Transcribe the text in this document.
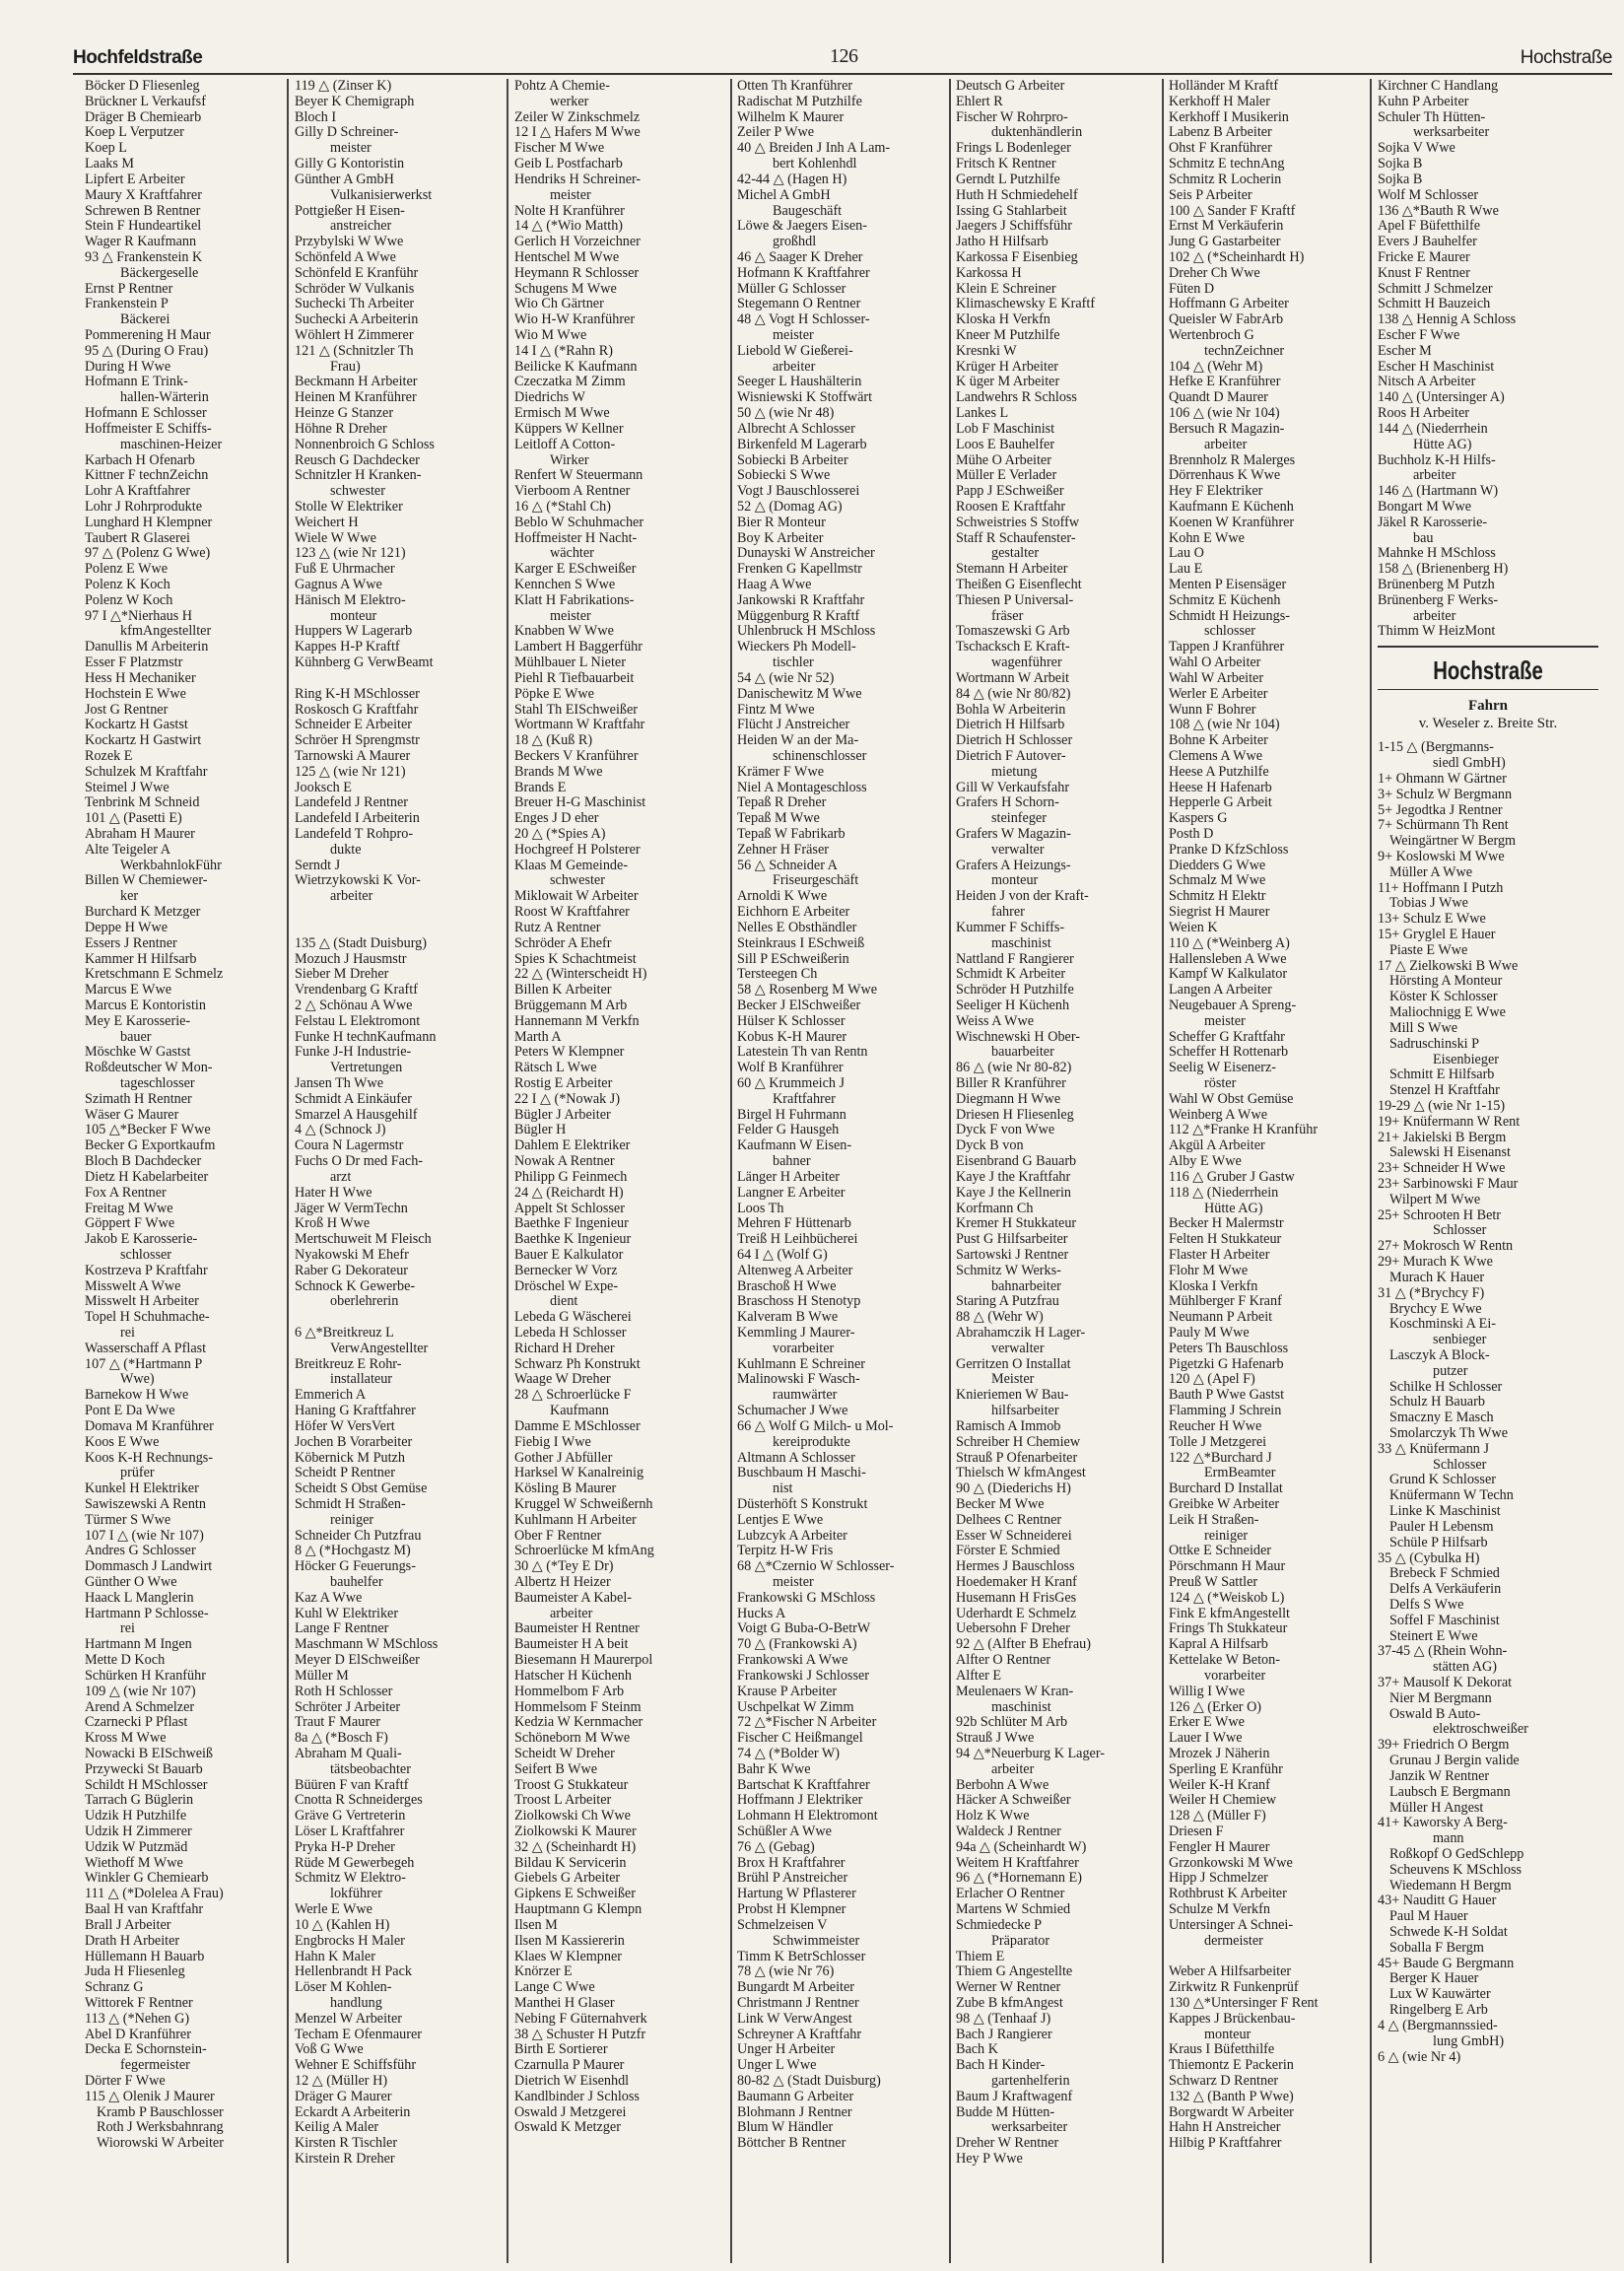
Hochfeldstraße	126	Hochstraße
Böcker D Fliesenleg
Brückner L Verkaufsf
Dräger B Chemiearb
Koep L Verputzer
Koep L
Laaks M
Lipfert E Arbeiter
Maury X Kraftfahrer
Schrewen B Rentner
Stein F Hundeartikel
Wager R Kaufmann
93 △ Frankenstein K
Bäckergeselle
Ernst P Rentner
Frankenstein P
Bäckerei
Pommerening H Maur
95 △ (During O Frau)
During H Wwe
Hofmann E Trink-
hallen-Wärterin
Hofmann E Schlosser
Hoffmeister E Schiffs-
maschinen-Heizer
Karbach H Ofenarb
Kittner F technZeichn
Lohr A Kraftfahrer
Lohr J Rohrprodukte
Lunghard H Klempner
Taubert R Glaserei
97 △ (Polenz G Wwe)
Polenz E Wwe
Polenz K Koch
Polenz W Koch
97 I △*Nierhaus H
kfmAngestellter
Danullis M Arbeiterin
Esser F Platzmstr
Hess H Mechaniker
Hochstein E Wwe
Jost G Rentner
Kockartz H Gastst
Kockartz H Gastwirt
Rozek E
Schulzek M Kraftfahr
Steimel J Wwe
Tenbrink M Schneid
101 △ (Pasetti E)
Abraham H Maurer
Alte Teigeler A
WerkbahnlokFühr
Billen W Chemiewer-
ker
Burchard K Metzger
Deppe H Wwe
Essers J Rentner
Kammer H Hilfsarb
Kretschmann E Schmelz
Marcus E Wwe
Marcus E Kontoristin
Mey E Karosserie-
bauer
Möschke W Gastst
Roßdeutscher W Mon-
tageschlosser
Szimath H Rentner
Wäser G Maurer
105 △*Becker F Wwe
Becker G Exportkaufm
Bloch B Dachdecker
Dietz H Kabelarbeiter
Fox A Rentner
Freitag M Wwe
Göppert F Wwe
Jakob E Karosserie-
schlosser
Kostrzeva P Kraftfahr
Misswelt A Wwe
Misswelt H Arbeiter
Topel H Schuhmache-
rei
Wasserschaff A Pflast
107 △ (*Hartmann P
Wwe)
Barnekow H Wwe
Pont E Da Wwe
Domava M Kranführer
Koos E Wwe
Koos K-H Rechnungs-
prüfer
Kunkel H Elektriker
Sawiszewski A Rentn
Türmer S Wwe
107 I △ (wie Nr 107)
Andres G Schlosser
Dommasch J Landwirt
Günther O Wwe
Haack L Manglerin
Hartmann P Schlosse-
rei
Hartmann M Ingen
Mette D Koch
Schürken H Kranführ
109 △ (wie Nr 107)
Arend A Schmelzer
Czarnecki P Pflast
Kross M Wwe
Nowacki B EISchweiß
Przywecki St Bauarb
Schildt H MSchlosser
Tarrach G Büglerin
Udzik H Putzhilfe
Udzik H Zimmerer
Udzik W Putzmäd
Wiethoff M Wwe
Winkler G Chemiearb
111 △ (*Dolelea A Frau)
Baal H van Kraftfahr
Brall J Arbeiter
Drath H Arbeiter
Hüllemann H Bauarb
Juda H Fliesenleg
Schranz G
Wittorek F Rentner
113 △ (*Nehen G)
Abel D Kranführer
Decka E Schornstein-
fegermeister
Dörter F Wwe
115 △ Olenik J Maurer
Kramb P Bauschlosser
Roth J Werksbahnrang
Wiorowski W Arbeiter
119 △ (Zinser K)
Beyer K Chemigraph
Bloch I
Gilly D Schreiner-
meister
Gilly G Kontoristin
Günther A GmbH
Vulkanisierwerkst
Pottgießer H Eisen-
anstreicher
Przybylski W Wwe
Schönfeld A Wwe
Schönfeld E Kranführ
Schröder W Vulkanis
Suchecki Th Arbeiter
Suchecki A Arbeiterin
Wöhlert H Zimmerer
121 △ (Schnitzler Th
Frau)
Beckmann H Arbeiter
Heinen M Kranführer
Heinze G Stanzer
Höhne R Dreher
Nonnenbroich G Schloss
Reusch G Dachdecker
Schnitzler H Kranken-
schwester
Stolle W Elektriker
Weichert H
Wiele W Wwe
123 △ (wie Nr 121)
Fuß E Uhrmacher
Gagnus A Wwe
Hänisch M Elektro-
monteur
Huppers W Lagerarb
Kappes H-P Kraftf
Kühnberg G VerwBeamt

Ring K-H MSchlosser
Roskosch G Kraftfahr
Schneider E Arbeiter
Schröer H Sprengmstr
Tarnowski A Maurer
125 △ (wie Nr 121)
Jooksch E
Landefeld J Rentner
Landefeld I Arbeiterin
Landefeld T Rohpro-
dukte
Serndt J
Wietrzykowski K Vor-
arbeiter

135 △ (Stadt Duisburg)
Mozuch J Hausmstr
Sieber M Dreher
Vrendenbarg G Kraftf
2 △ Schönau A Wwe
Felstau L Elektromont
Funke H technKaufmann
Funke J-H Industrie-
Vertretungen
Jansen Th Wwe
Schmidt A Einkäufer
Smarzel A Hausgehilf
4 △ (Schnock J)
Coura N Lagermstr
Fuchs O Dr med Fach-
arzt
Hater H Wwe
Jäger W VermTechn
Kroß H Wwe
Mertschuweit M Fleisch
Nyakowski M Ehefr
Raber G Dekorateur
Schnock K Gewerbe-
oberlehrerin

6 △*Breitkreuz L
VerwAngestellter
Breitkreuz E Rohr-
installateur
Emmerich A
Haning G Kraftfahrer
Höfer W VersVert
Jochen B Vorarbeiter
Köbernick M Putzh
Scheidt P Rentner
Scheidt S Obst Gemüse
Schmidt H Straßen-
reiniger
Schneider Ch Putzfrau
8 △ (*Hochgastz M)
Höcker G Feuerungs-
bauhelfer
Kaz A Wwe
Kuhl W Elektriker
Lange F Rentner
Maschmann W MSchloss
Meyer D ElSchweißer
Müller M
Roth H Schlosser
Schröter J Arbeiter
Traut F Maurer
8a △ (*Bosch F)
Abraham M Quali-
tätsbeobachter
Büüren F van Kraftf
Cnotta R Schneiderges
Gräve G Vertreterin
Löser L Kraftfahrer
Pryka H-P Dreher
Rüde M Gewerbegeh
Schmitz W Elektro-
lokführer
Werle E Wwe
10 △ (Kahlen H)
Engbrocks H Maler
Hahn K Maler
Hellenbrandt H Pack
Löser M Kohlen-
handlung
Menzel W Arbeiter
Techam E Ofenmaurer
Voß G Wwe
Wehner E Schiffsführ
12 △ (Müller H)
Dräger G Maurer
Eckardt A Arbeiterin
Keilig A Maler
Kirsten R Tischler
Kirstein R Dreher
Pohtz A Chemie-
werker
Zeiler W Zinkschmelz
12 I △ Hafers M Wwe
Fischer M Wwe
Geib L Postfacharb
Hendriks H Schreiner-
meister
Nolte H Kranführer
14 △ (*Wio Matth)
Gerlich H Vorzeichner
Hentschel M Wwe
Heymann R Schlosser
Schugens M Wwe
Wio Ch Gärtner
Wio H-W Kranführer
Wio M Wwe
14 I △ (*Rahn R)
Beilicke K Kaufmann
Czeczatka M Zimm
Diedrichs W
Ermisch M Wwe
Küppers W Kellner
Leitloff A Cotton-
Wirker
Renfert W Steuermann
Vierboom A Rentner
16 △ (*Stahl Ch)
Beblo W Schuhmacher
Hoffmeister H Nacht-
wächter
Karger E ESchweißer
Kennchen S Wwe
Klatt H Fabrikations-
meister
Knabben W Wwe
Lambert H Baggerführ
Mühlbauer L Nieter
Piehl R Tiefbauarbeit
Pöpke E Wwe
Stahl Th EISchweißer
Wortmann W Kraftfahr
18 △ (Kuß R)
Beckers V Kranführer
Brands M Wwe
Brands E
Breuer H-G Maschinist
Enges J D eher
20 △ (*Spies A)
Hochgreef H Polsterer
Klaas M Gemeinde-
schwester
Miklowait W Arbeiter
Roost W Kraftfahrer
Rutz A Rentner
Schröder A Ehefr
Spies K Schachtmeist
22 △ (Winterscheidt H)
Billen K Arbeiter
Brüggemann M Arb
Hannemann M Verkfn
Marth A
Peters W Klempner
Rätsch L Wwe
Rostig E Arbeiter
22 I △ (*Nowak J)
Bügler J Arbeiter
Bügler H
Dahlem E Elektriker
Nowak A Rentner
Philipp G Feinmech
24 △ (Reichardt H)
Appelt St Schlosser
Baethke F Ingenieur
Baethke K Ingenieur
Bauer E Kalkulator
Bernecker W Vorz
Dröschel W Expe-
dient
Lebeda G Wäscherei
Lebeda H Schlosser
Richard H Dreher
Schwarz Ph Konstrukt
Waage W Dreher
28 △ Schroerlücke F
Kaufmann
Damme E MSchlosser
Fiebig I Wwe
Gother J Abfüller
Harksel W Kanalreinig
Kösling B Maurer
Kruggel W Schweißernh
Kuhlmann H Arbeiter
Ober F Rentner
Schroerlücke M kfmAng
30 △ (*Tey E Dr)
Albertz H Heizer
Baumeister A Kabel-
arbeiter
Baumeister H Rentner
Baumeister H A beit
Biesemann H Maurerpol
Hatscher H Küchenh
Hommelbom F Arb
Hommelsom F Steinm
Kedzia W Kernmacher
Schöneborn M Wwe
Scheidt W Dreher
Seifert B Wwe
Troost G Stukkateur
Troost L Arbeiter
Ziolkowski Ch Wwe
Ziolkowski K Maurer
32 △ (Scheinhardt H)
Bildau K Servicerin
Giebels G Arbeiter
Gipkens E Schweißer
Hauptmann G Klempn
Ilsen M
Ilsen M Kassiererin
Klaes W Klempner
Knörzer E
Lange C Wwe
Manthei H Glaser
Nebing F Güternahverk
38 △ Schuster H Putzfr
Birth E Sortierer
Czarnulla P Maurer
Dietrich W Eisenhdl
Kandlbinder J Schloss
Oswald J Metzgerei
Oswald K Metzger
Otten Th Kranführer
Radischat M Putzhilfe
Wilhelm K Maurer
Zeiler P Wwe
40 △ Breiden J Inh A Lam-
bert Kohlenhdl
42-44 △ (Hagen H)
Michel A GmbH
Baugeschäft
Löwe & Jaegers Eisen-
großhdl
46 △ Saager K Dreher
Hofmann K Kraftfahrer
Müller G Schlosser
Stegemann O Rentner
48 △ Vogt H Schlosser-
meister
Liebold W Gießerei-
arbeiter
Seeger L Haushälterin
Wisniewski K Stoffwärt
50 △ (wie Nr 48)
Albrecht A Schlosser
Birkenfeld M Lagerarb
Sobiecki B Arbeiter
Sobiecki S Wwe
Vogt J Bauschlosserei
52 △ (Domag AG)
Bier R Monteur
Boy K Arbeiter
Dunayski W Anstreicher
Frenken G Kapellmstr
Haag A Wwe
Jankowski R Kraftfahr
Müggenburg R Kraftf
Uhlenbruck H MSchloss
Wieckers Ph Modell-
tischler
54 △ (wie Nr 52)
Danischewitz M Wwe
Fintz M Wwe
Flücht J Anstreicher
Heiden W an der Ma-
schinenschlosser
Krämer F Wwe
Niel A Montageschloss
Tepaß R Dreher
Tepaß M Wwe
Tepaß W Fabrikarb
Zehner H Fräser
56 △ Schneider A
Friseurgeschäft
Arnoldi K Wwe
Eichhorn E Arbeiter
Nelles E Obsthändler
Steinkraus I ESchweiß
Sill P ESchweißerin
Tersteegen Ch
58 △ Rosenberg M Wwe
Becker J ElSchweißer
Hülser K Schlosser
Kobus K-H Maurer
Latestein Th van Rentn
Wolf B Kranführer
60 △ Krummeich J
Kraftfahrer
Birgel H Fuhrmann
Felder G Hausgeh
Kaufmann W Eisen-
bahner
Länger H Arbeiter
Langner E Arbeiter
Loos Th
Mehren F Hüttenarb
Treiß H Leihbücherei
64 I △ (Wolf G)
Altenweg A Arbeiter
Braschoß H Wwe
Braschoss H Stenotyp
Kalveram B Wwe
Kemmling J Maurer-
vorarbeiter
Kuhlmann E Schreiner
Malinowski F Wasch-
raumwärter
Schumacher J Wwe
66 △ Wolf G Milch- u Mol-
kereiprodukte
Altmann A Schlosser
Buschbaum H Maschi-
nist
Düsterhöft S Konstrukt
Lentjes E Wwe
Lubzcyk A Arbeiter
Terpitz H-W Fris
68 △*Czernio W Schlosser-
meister
Frankowski G MSchloss
Hucks A
Voigt G Buba-O-BetrW
70 △ (Frankowski A)
Frankowski A Wwe
Frankowski J Schlosser
Krause P Arbeiter
Uschpelkat W Zimm
72 △*Fischer N Arbeiter
Fischer C Heißmangel
74 △ (*Bolder W)
Bahr K Wwe
Bartschat K Kraftfahrer
Hoffmann J Elektriker
Lohmann H Elektromont
Schüßler A Wwe
76 △ (Gebag)
Brox H Kraftfahrer
Brühl P Anstreicher
Hartung W Pflasterer
Probst H Klempner
Schmelzeisen V
Schwimmeister
Timm K BetrSchlosser
78 △ (wie Nr 76)
Bungardt M Arbeiter
Christmann J Rentner
Link W VerwAngest
Schreyner A Kraftfahr
Unger H Arbeiter
Unger L Wwe
80-82 △ (Stadt Duisburg)
Baumann G Arbeiter
Blohmann J Rentner
Blum W Händler
Böttcher B Rentner
Deutsch G Arbeiter
Ehlert R
Fischer W Rohrpro-
duktenhändlerin
Frings L Bodenleger
Fritsch K Rentner
Gerndt L Putzhilfe
Huth H Schmiedehelf
Issing G Stahlarbeit
Jaegers J Schiffsführ
Jatho H Hilfsarb
Karkossa F Eisenbieg
Karkossa H
Klein E Schreiner
Klimaschewsky E Kraftf
Kloska H Verkfn
Kneer M Putzhilfe
Kresnki W
Krüger H Arbeiter
K üger M Arbeiter
Landwehrs R Schloss
Lankes L
Lob F Maschinist
Loos E Bauhelfer
Mühe O Arbeiter
Müller E Verlader
Papp J ESchweißer
Roosen E Kraftfahr
Schweistries S Stoffw
Staff R Schaufenster-
gestalter
Stemann H Arbeiter
Theißen G Eisenflecht
Thiesen P Universal-
fräser
Tomaszewski G Arb
Tschacksch E Kraft-
wagenführer
Wortmann W Arbeit
84 △ (wie Nr 80/82)
Bohla W Arbeiterin
Dietrich H Hilfsarb
Dietrich H Schlosser
Dietrich F Autover-
mietung
Gill W Verkaufsfahr
Grafers H Schorn-
steinfeger
Grafers W Magazin-
verwalter
Grafers A Heizungs-
monteur
Heiden J von der Kraft-
fahrer
Kummer F Schiffs-
maschinist
Nattland F Rangierer
Schmidt K Arbeiter
Schröder H Putzhilfe
Seeliger H Küchenh
Weiss A Wwe
Wischnewski H Ober-
bauarbeiter
86 △ (wie Nr 80-82)
Biller R Kranführer
Diegmann H Wwe
Driesen H Fliesenleg
Dyck F von Wwe
Dyck B von
Eisenbrand G Bauarb
Kaye J the Kraftfahr
Kaye J the Kellnerin
Korfmann Ch
Kremer H Stukkateur
Pust G Hilfsarbeiter
Sartowski J Rentner
Schmitz W Werks-
bahnarbeiter
Staring A Putzfrau
88 △ (Wehr W)
Abrahamczik H Lager-
verwalter
Gerritzen O Installat
Meister
Knieriemen W Bau-
hilfsarbeiter
Ramisch A Immob
Schreiber H Chemiew
Strauß P Ofenarbeiter
Thielsch W kfmAngest
90 △ (Diederichs H)
Becker M Wwe
Delhees C Rentner
Esser W Schneiderei
Förster E Schmied
Hermes J Bauschloss
Hoedemaker H Kranf
Husemann H FrisGes
Uderhardt E Schmelz
Uebersohn F Dreher
92 △ (Alfter B Ehefrau)
Alfter O Rentner
Alfter E
Meulenaers W Kran-
maschinist
92b Schlüter M Arb
Strauß J Wwe
94 △*Neuerburg K Lager-
arbeiter
Berbohn A Wwe
Häcker A Schweißer
Holz K Wwe
Waldeck J Rentner
94a △ (Scheinhardt W)
Weitem H Kraftfahrer
96 △ (*Hornemann E)
Erlacher O Rentner
Martens W Schmied
Schmiedecke P
Präparator
Thiem E
Thiem G Angestellte
Werner W Rentner
Zube B kfmAngest
98 △ (Tenhaaf J)
Bach J Rangierer
Bach K
Bach H Kinder-
gartenhelferin
Baum J Kraftwagenf
Budde M Hütten-
werksarbeiter
Dreher W Rentner
Hey P Wwe
Holländer M Kraftf
Kerkhoff H Maler
Kerkhoff I Musikerin
Labenz B Arbeiter
Ohst F Kranführer
Schmitz E technAng
Schmitz R Locherin
Seis P Arbeiter
100 △ Sander F Kraftf
Ernst M Verkäuferin
Jung G Gastarbeiter
102 △ (*Scheinhardt H)
Dreher Ch Wwe
Füten D
Hoffmann G Arbeiter
Queisler W FabrArb
Wertenbroch G
technZeichner
104 △ (Wehr M)
Hefke E Kranführer
Quandt D Maurer
106 △ (wie Nr 104)
Bersuch R Magazin-
arbeiter
Brennholz R Malerges
Dörrenhaus K Wwe
Hey F Elektriker
Kaufmann E Küchenh
Koenen W Kranführer
Kohn E Wwe
Lau O
Lau E
Menten P Eisensäger
Schmitz E Küchenh
Schmidt H Heizungs-
schlosser
Tappen J Kranführer
Wahl O Arbeiter
Wahl W Arbeiter
Werler E Arbeiter
Wunn F Bohrer
108 △ (wie Nr 104)
Bohne K Arbeiter
Clemens A Wwe
Heese A Putzhilfe
Heese H Hafenarb
Hepperle G Arbeit
Kaspers G
Posth D
Pranke D KfzSchloss
Diedders G Wwe
Schmalz M Wwe
Schmitz H Elektr
Siegrist H Maurer
Weien K
110 △ (*Weinberg A)
Hallensleben A Wwe
Kampf W Kalkulator
Langen A Arbeiter
Neugebauer A Spreng-
meister
Scheffer G Kraftfahr
Scheffer H Rottenarb
Seelig W Eisenerz-
röster
Wahl W Obst Gemüse
Weinberg A Wwe
112 △*Franke H Kranführ
Akgül A Arbeiter
Alby E Wwe
116 △ Gruber J Gastw
118 △ (Niederrhein
Hütte AG)
Becker H Malermstr
Felten H Stukkateur
Flaster H Arbeiter
Flohr M Wwe
Kloska I Verkfn
Mühlberger F Kranf
Neumann P Arbeit
Pauly M Wwe
Peters Th Bauschloss
Pigetzki G Hafenarb
120 △ (Apel F)
Bauth P Wwe Gastst
Flamming J Schrein
Reucher H Wwe
Tolle J Metzgerei
122 △*Burchard J
ErmBeamter
Burchard D Installat
Greibke W Arbeiter
Leik H Straßen-
reiniger
Ottke E Schneider
Pörschmann H Maur
Preuß W Sattler
124 △ (*Weiskob L)
Fink E kfmAngestellt
Frings Th Stukkateur
Kapral A Hilfsarb
Kettelake W Beton-
vorarbeiter
Willig I Wwe
126 △ (Erker O)
Erker E Wwe
Lauer I Wwe
Mrozek J Näherin
Sperling E Kranführ
Weiler K-H Kranf
Weiler H Chemiew
128 △ (Müller F)
Driesen F
Fengler H Maurer
Grzonkowski M Wwe
Hipp J Schmelzer
Rothbrust K Arbeiter
Schulze M Verkfn
Untersinger A Schnei-
dermeister

Weber A Hilfsarbeiter
Zirkwitz R Funkenprüf
130 △*Untersinger F Rent
Kappes J Brückenbau-
monteur
Kraus I Büfetthilfe
Thiemontz E Packerin
Schwarz D Rentner
132 △ (Banth P Wwe)
Borgwardt W Arbeiter
Hahn H Anstreicher
Hilbig P Kraftfahrer
Kirchner C Handlang
Kuhn P Arbeiter
Schuler Th Hütten-
werksarbeiter
Sojka V Wwe
Sojka B
Sojka B
Wolf M Schlosser
136 △*Bauth R Wwe
Apel F Büfetthilfe
Evers J Bauhelfer
Fricke E Maurer
Knust F Rentner
Schmitt J Schmelzer
Schmitt H Bauzeich
138 △ Hennig A Schloss
Escher F Wwe
Escher M
Escher H Maschinist
Nitsch A Arbeiter
140 △ (Untersinger A)
Roos H Arbeiter
144 △ (Niederrhein
Hütte AG)
Buchholz K-H Hilfs-
arbeiter
146 △ (Hartmann W)
Bongart M Wwe
Jäkel R Karosserie-
bau
Mahnke H MSchloss
158 △ (Brienenberg H)
Brünenberg M Putzh
Brünenberg F Werks-
arbeiter
Thimm W HeizMont
Hochstraße
Fahrn
v. Weseler z. Breite Str.
1-15 △ (Bergmanns-
siedl GmbH)
1+ Ohmann W Gärtner
3+ Schulz W Bergmann
5+ Jegodtka J Rentner
7+ Schürmann Th Rent
Weingärtner W Bergm
9+ Koslowski M Wwe
Müller A Wwe
11+ Hoffmann I Putzh
Tobias J Wwe
13+ Schulz E Wwe
15+ Gryglel E Hauer
Piaste E Wwe
17 △ Zielkowski B Wwe
Hörsting A Monteur
Köster K Schlosser
Maliochnigg E Wwe
Mill S Wwe
Sadruschinski P
Eisenbieger
Schmitt E Hilfsarb
Stenzel H Kraftfahr
19-29 △ (wie Nr 1-15)
19+ Knüfermann W Rent
21+ Jakielski B Bergm
Salewski H Eisenanst
23+ Schneider H Wwe
23+ Sarbinowski F Maur
Wilpert M Wwe
25+ Schrooten H Betr
Schlosser
27+ Mokrosch W Rentn
29+ Murach K Wwe
Murach K Hauer
31 △ (*Brychcy F)
Brychcy E Wwe
Koschminski A Ei-
senbieger
Lasczyk A Block-
putzer
Schilke H Schlosser
Schulz H Bauarb
Smaczny E Masch
Smolarczyk Th Wwe
33 △ Knüfermann J
Schlosser
Grund K Schlosser
Knüfermann W Techn
Linke K Maschinist
Pauler H Lebensm
Schüle P Hilfsarb
35 △ (Cybulka H)
Brebeck F Schmied
Delfs A Verkäuferin
Delfs S Wwe
Soffel F Maschinist
Steinert E Wwe
37-45 △ (Rhein Wohn-
stätten AG)
37+ Mausolf K Dekorat
Nier M Bergmann
Oswald B Auto-
elektroschweißer
39+ Friedrich O Bergm
Grunau J Bergin valide
Janzik W Rentner
Laubsch E Bergmann
Müller H Angest
41+ Kaworsky A Berg-
mann
Roßkopf O GedSchlepp
Scheuvens K MSchloss
Wiedemann H Bergm
43+ Nauditt G Hauer
Paul M Hauer
Schwede K-H Soldat
Soballa F Bergm
45+ Baude G Bergmann
Berger K Hauer
Lux W Kauwärter
Ringelberg E Arb
4 △ (Bergmannssied-
lung GmbH)
6 △ (wie Nr 4)
